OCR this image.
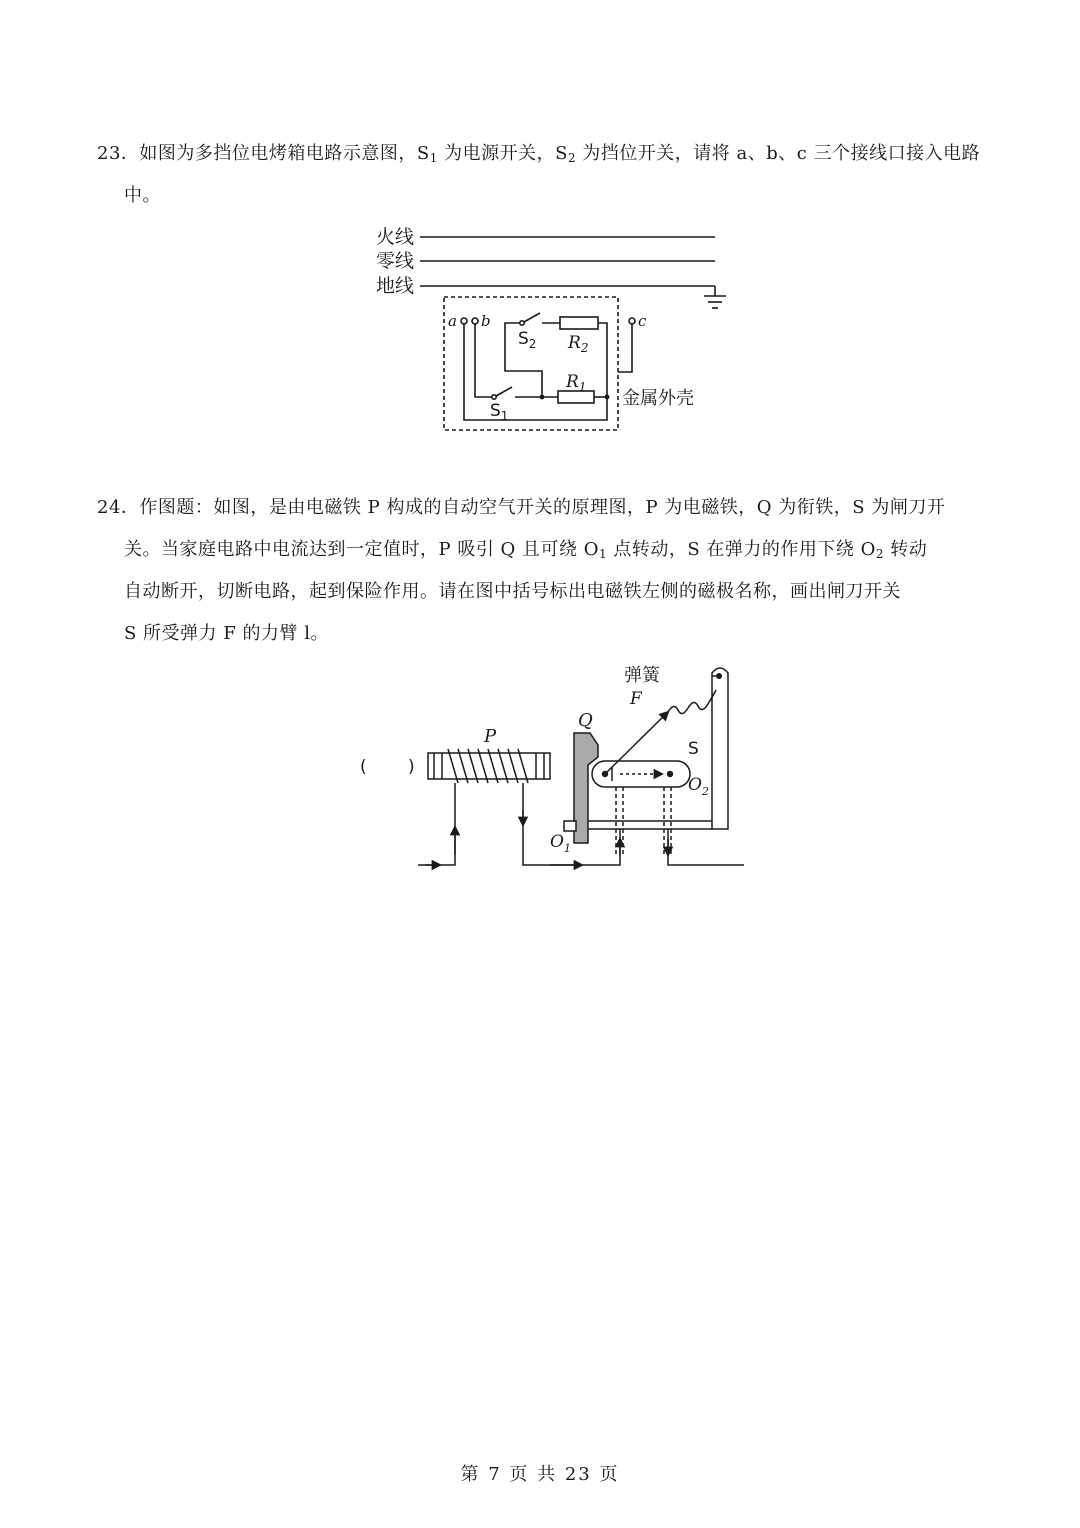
23．如图为多挡位电烤箱电路示意图，$S_1$ 为电源开关，$S_2$ 为挡位开关，请将 a、b、c 三个接线口接入电路
中。
火线
零线
地线
a b	c
$S_2$ $R_2$
$R_1$
$S_1$
金属外壳
24．作图题：如图，是由电磁铁 P 构成的自动空气开关的原理图，P 为电磁铁，Q 为衔铁，S 为闸刀开
关。当家庭电路中电流达到一定值时，P 吸引 Q 且可绕 $O_1$ 点转动，S 在弹力的作用下绕 $O_2$ 转动
自动断开，切断电路，起到保险作用。请在图中括号标出电磁铁左侧的磁极名称，画出闸刀开关
S 所受弹力 F 的力臂 l。
( )
P
Q
弹簧
F
S
$O_1$
$O_2$
第 7 页 共 23 页
